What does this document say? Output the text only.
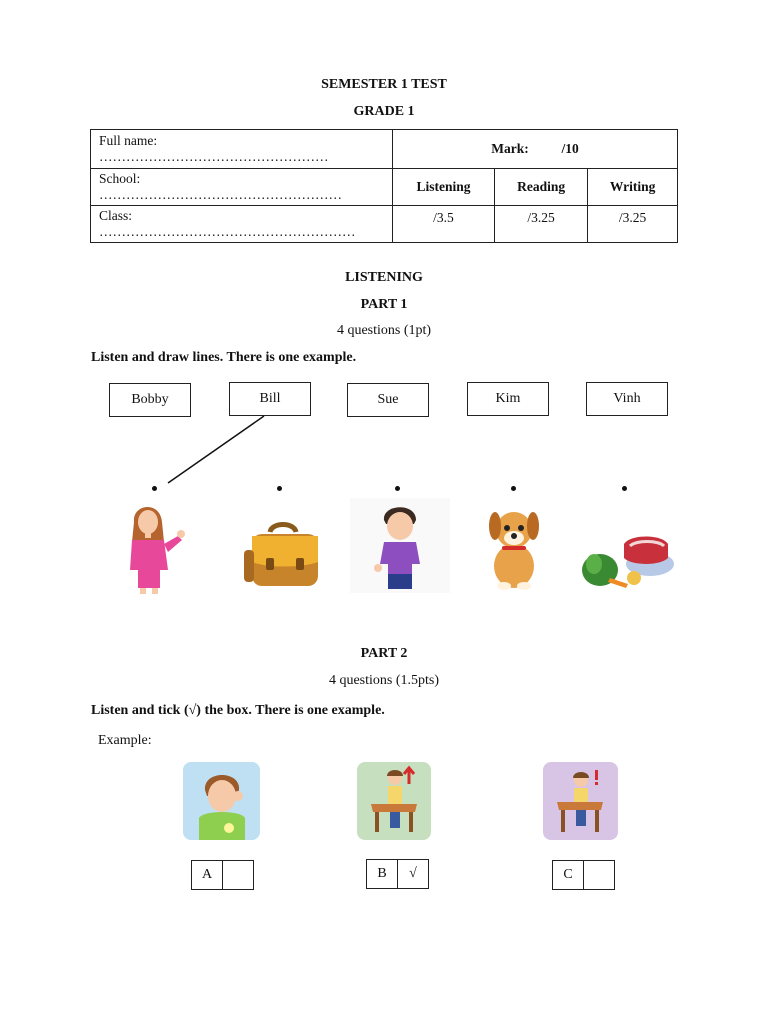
SEMESTER 1 TEST
GRADE 1
Full name: ……………………………………………	Mark: /10		
School: ………………………………………………	Listening	Reading	Writing
Class: …………………………………………………	/3.5	/3.25	/3.25
LISTENING
PART 1
4 questions (1pt)
Listen and draw lines. There is one example.
Bobby	Bill	Sue	Kim	Vinh
PART 2
4 questions (1.5pts)
Listen and tick (√) the box. There is one example.
Example:
A	B	√	C
